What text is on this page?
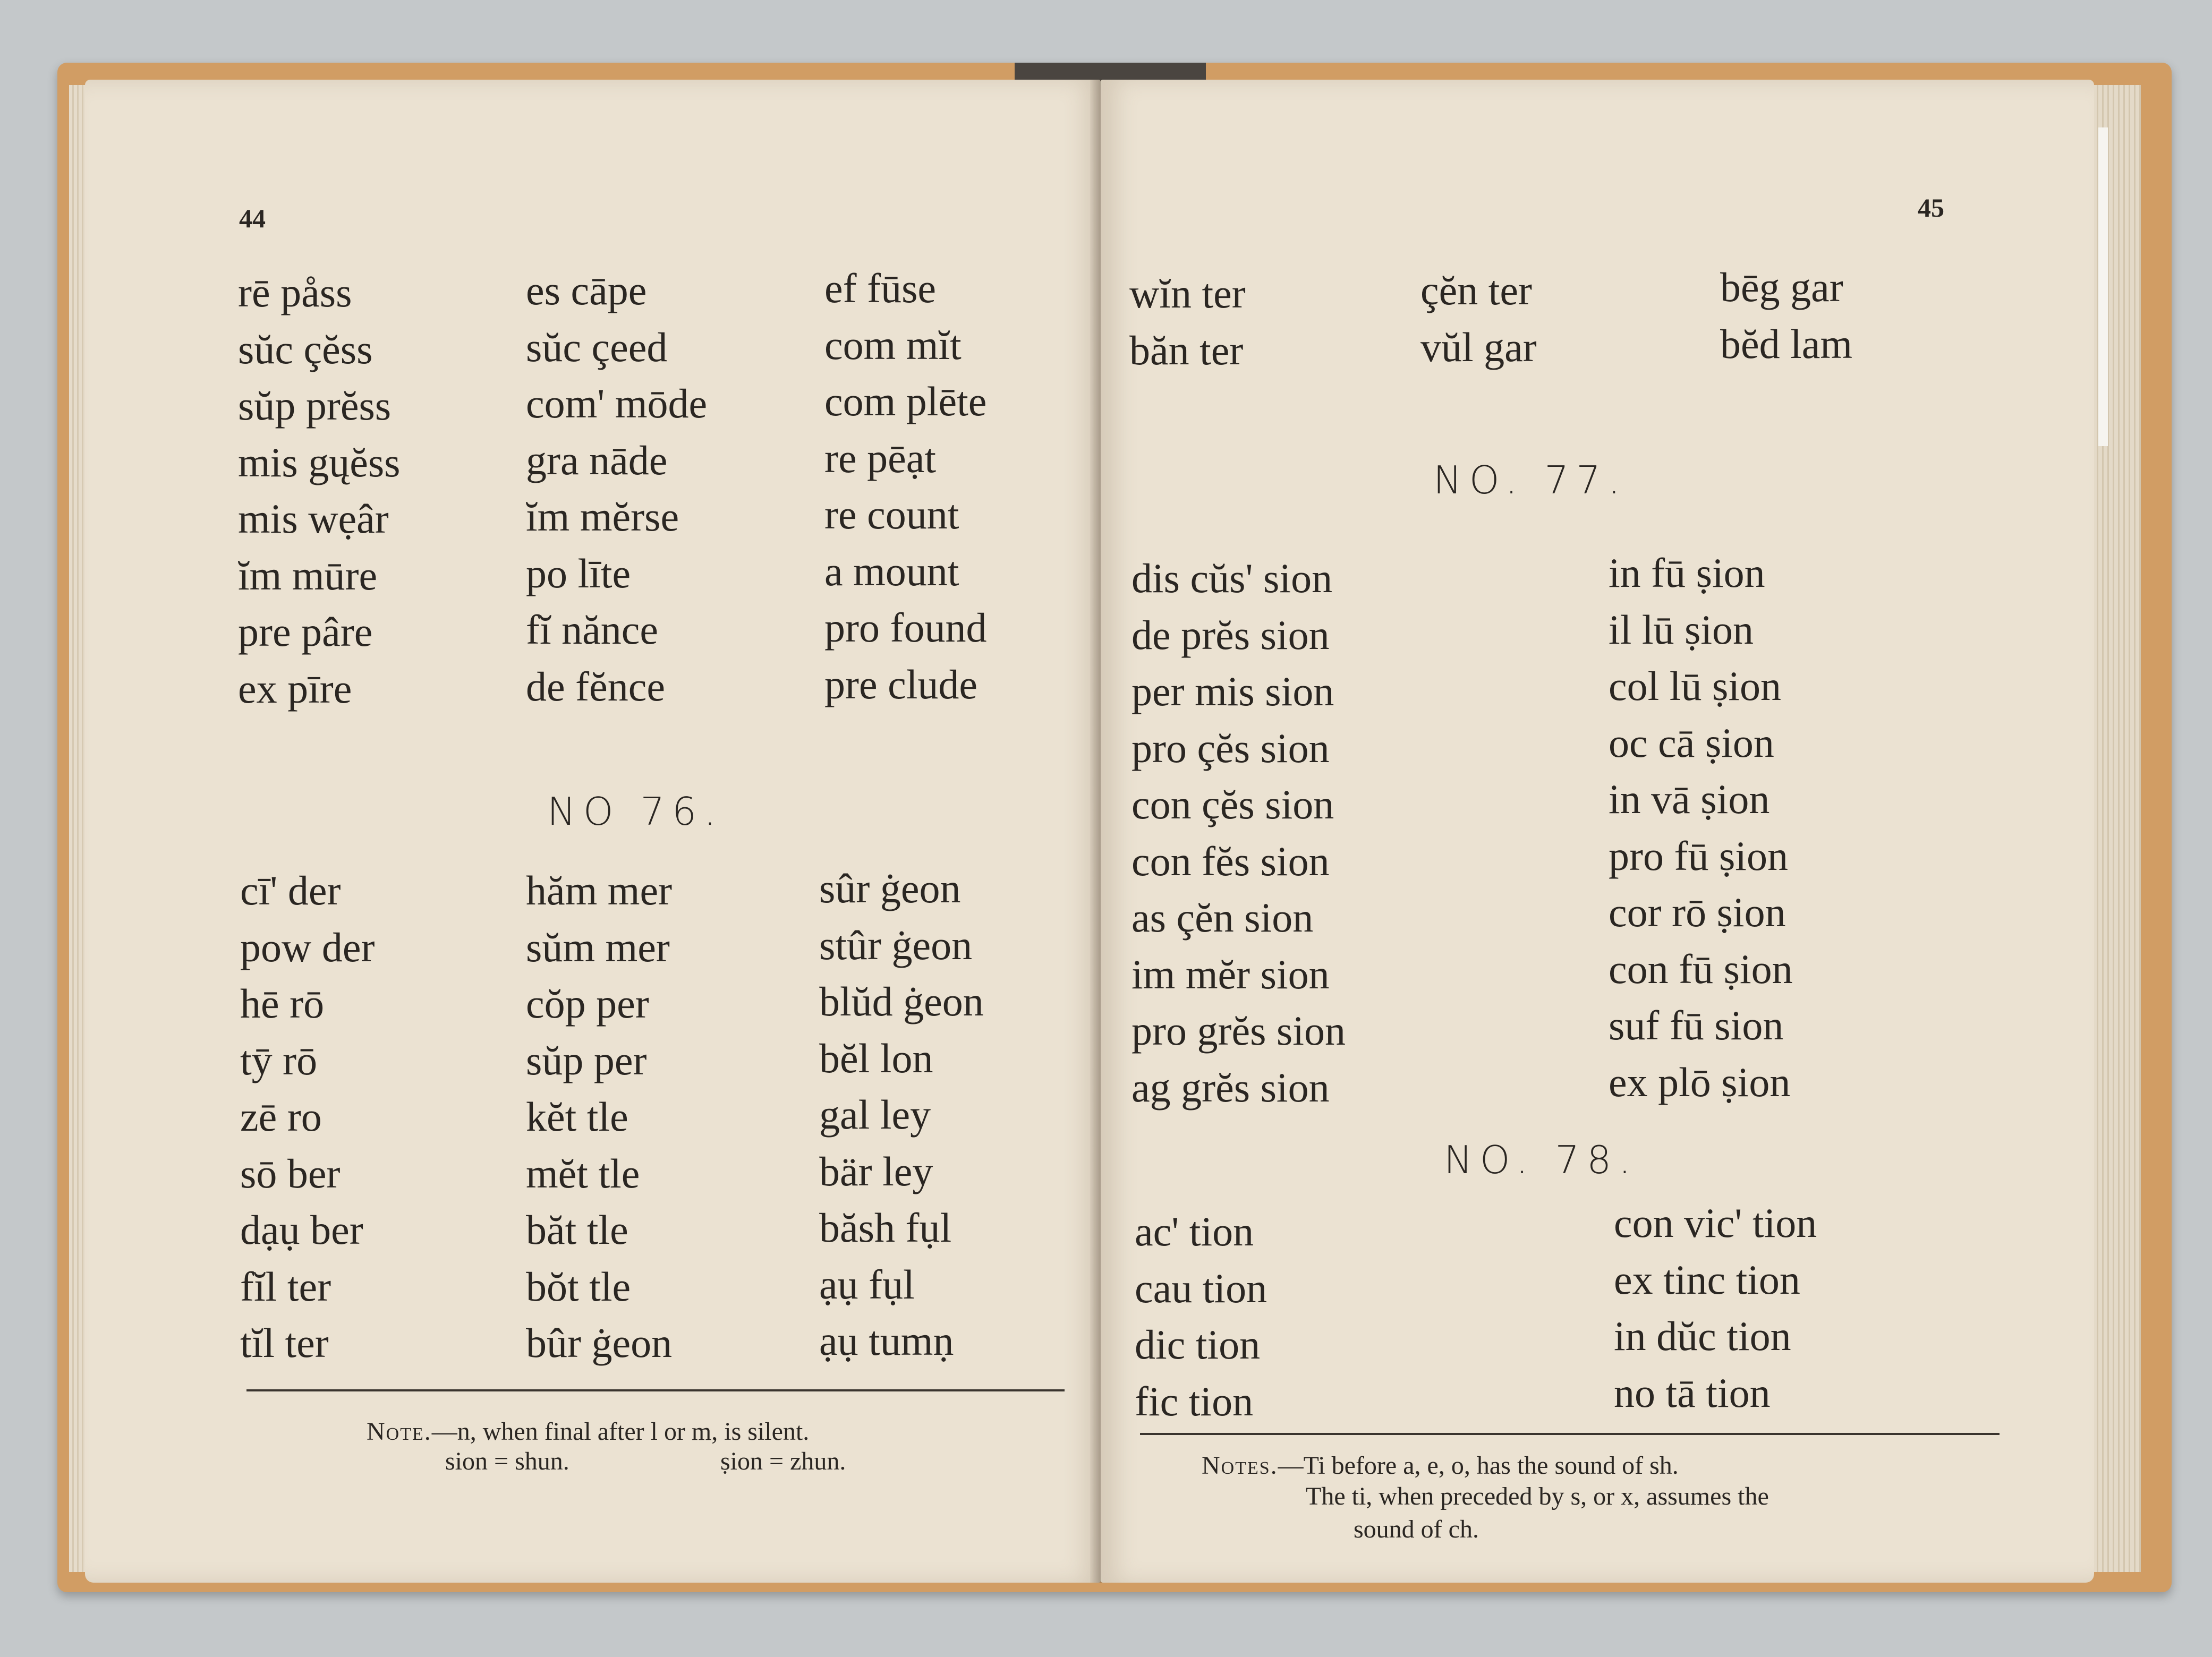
44
rē påss
sŭc çĕss
sŭp prĕss
mis gųĕss
mis wẹâr
ĭm mūre
pre pâre
ex pīre
es cāpe
sŭc çeed
com' mōde
gra nāde
ĭm mĕrse
po līte
fĭ nănce
de fĕnce
ef fūse
com mĭt
com plēte
re pēạt
re count
a mount
pro found
pre clude
NO 76.
cī' der
pow der
hē rō
tȳ rō
zē ro
sō ber
dạụ ber
fĭl ter
tĭl ter
hăm mer
sŭm mer
cŏp per
sŭp per
kĕt tle
mĕt tle
băt tle
bŏt tle
bûr ġeon
sûr ġeon
stûr ġeon
blŭd ġeon
bĕl lon
gal ley
bär ley
băsh fụl
ạụ fụl
ạụ tumṇ
Note.—n, when final after l or m, is silent.
sion = shun.	ṣion = zhun.
45
wĭn ter
băn ter
çĕn ter
vŭl gar
bēg gar
bĕd lam
NO. 77.
dis cŭs' sion
de prĕs sion
per mis sion
pro çĕs sion
con çĕs sion
con fĕs sion
as çĕn sion
im mĕr sion
pro grĕs sion
ag grĕs sion
in fū ṣion
il lū ṣion
col lū ṣion
oc cā ṣion
in vā ṣion
pro fū ṣion
cor rō ṣion
con fū ṣion
suf fū sion
ex plō ṣion
NO. 78.
ac' tion
cau tion
dic tion
fic tion
con vic' tion
ex tinc tion
in dŭc tion
no tā tion
Notes.—Ti before a, e, o, has the sound of sh.
The ti, when preceded by s, or x, assumes the
sound of ch.
